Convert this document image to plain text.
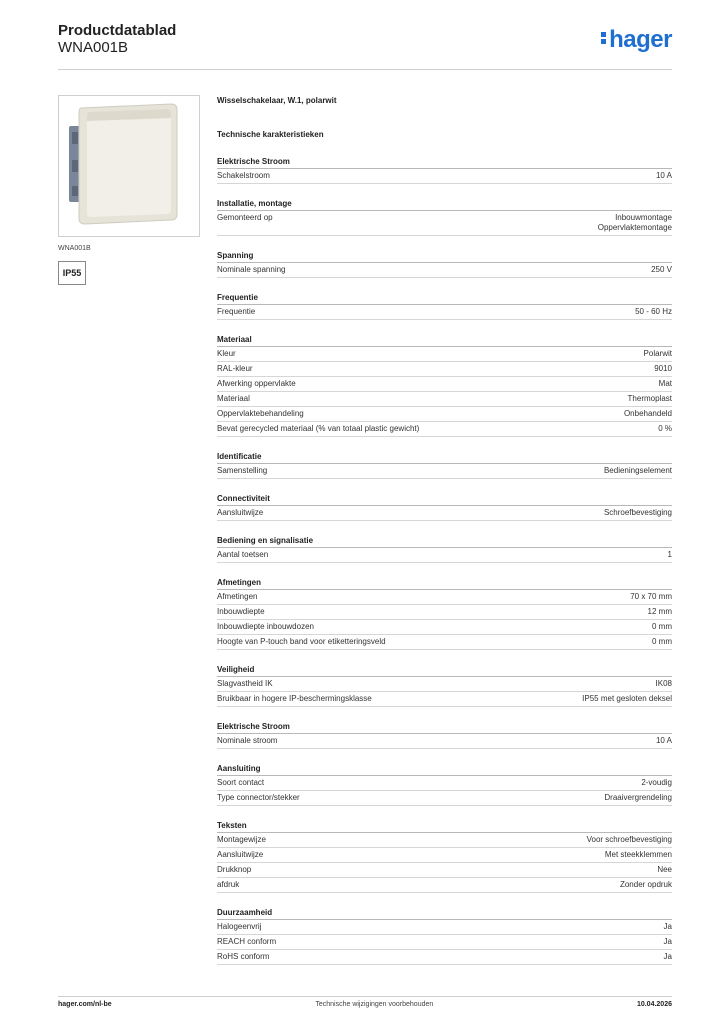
Productdatablad
WNA001B	hager
WNA001B
IP55
Wisselschakelaar, W.1, polarwit
Technische karakteristieken
Elektrische Stroom
Schakelstroom	10 A
Installatie, montage
Gemonteerd op	Inbouwmontage
Oppervlaktemontage
Spanning
Nominale spanning	250 V
Frequentie
Frequentie	50 - 60 Hz
Materiaal
Kleur	Polarwit
RAL-kleur	9010
Afwerking oppervlakte	Mat
Materiaal	Thermoplast
Oppervlaktebehandeling	Onbehandeld
Bevat gerecycled materiaal (% van totaal plastic gewicht)	0 %
Identificatie
Samenstelling	Bedieningselement
Connectiviteit
Aansluitwijze	Schroefbevestiging
Bediening en signalisatie
Aantal toetsen	1
Afmetingen
Afmetingen	70 x 70 mm
Inbouwdiepte	12 mm
Inbouwdiepte inbouwdozen	0 mm
Hoogte van P-touch band voor etiketteringsveld	0 mm
Veiligheid
Slagvastheid IK	IK08
Bruikbaar in hogere IP-beschermingsklasse	IP55 met gesloten deksel
Elektrische Stroom
Nominale stroom	10 A
Aansluiting
Soort contact	2-voudig
Type connector/stekker	Draaivergrendeling
Teksten
Montagewijze	Voor schroefbevestiging
Aansluitwijze	Met steekklemmen
Drukknop	Nee
afdruk	Zonder opdruk
Duurzaamheid
Halogeenvrij	Ja
REACH conform	Ja
RoHS conform	Ja
hager.com/nl-be	Technische wijzigingen voorbehouden	10.04.2026
